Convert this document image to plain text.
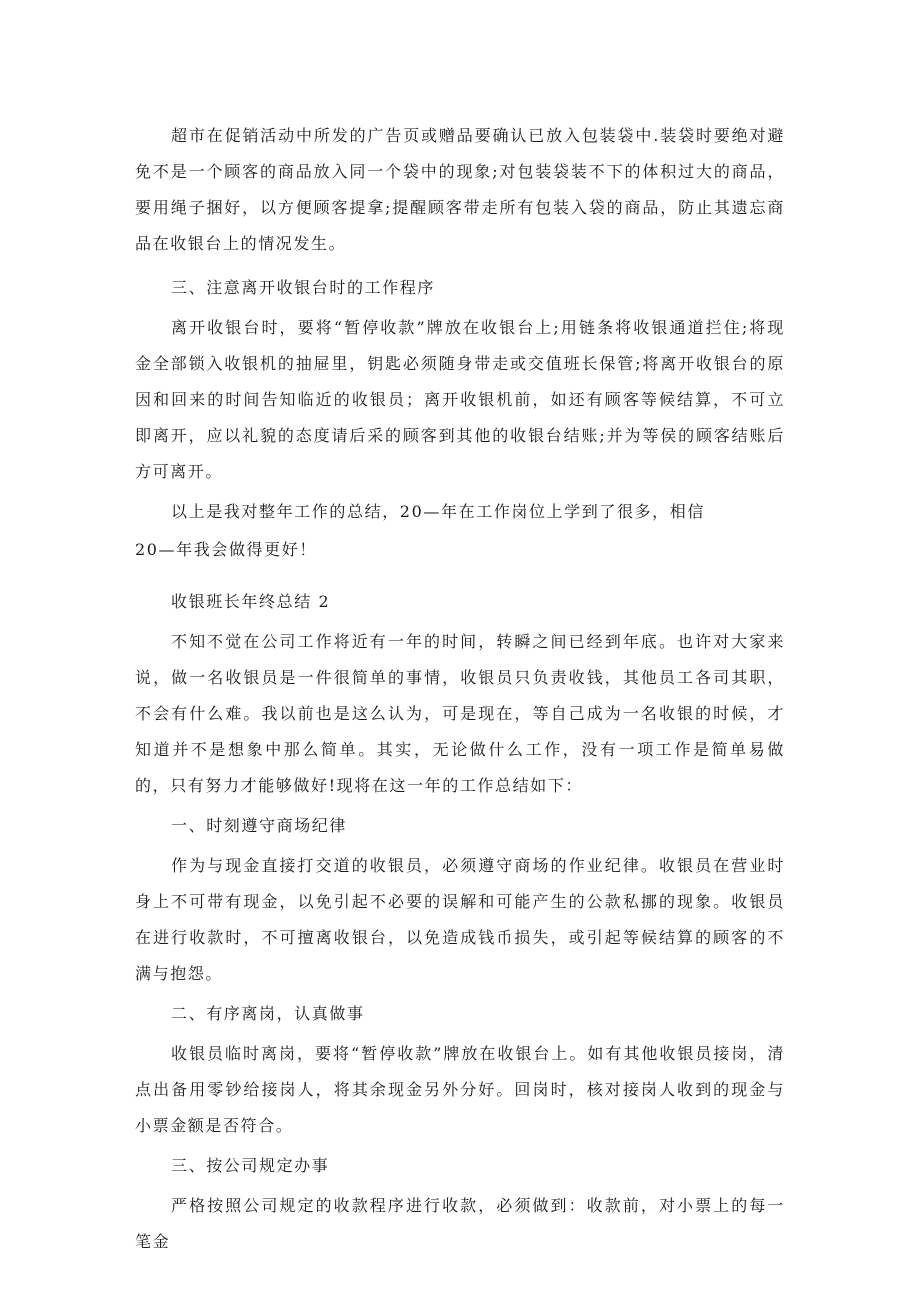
超市在促销活动中所发的广告页或赠品要确认已放入包装袋中.装袋时要绝对避免不是一个顾客的商品放入同一个袋中的现象;对包装袋装不下的体积过大的商品，要用绳子捆好，以方便顾客提拿;提醒顾客带走所有包装入袋的商品，防止其遗忘商品在收银台上的情况发生。

三、注意离开收银台时的工作程序

离开收银台时，要将“暂停收款”牌放在收银台上;用链条将收银通道拦住;将现金全部锁入收银机的抽屉里，钥匙必须随身带走或交值班长保管;将离开收银台的原因和回来的时间告知临近的收银员；离开收银机前，如还有顾客等候结算，不可立即离开，应以礼貌的态度请后采的顾客到其他的收银台结账;并为等侯的顾客结账后方可离开。

以上是我对整年工作的总结，20—年在工作岗位上学到了很多，相信

20—年我会做得更好！

收银班长年终总结 2

不知不觉在公司工作将近有一年的时间，转瞬之间已经到年底。也许对大家来说，做一名收银员是一件很简单的事情，收银员只负责收钱，其他员工各司其职，不会有什么难。我以前也是这么认为，可是现在，等自己成为一名收银的时候，才知道并不是想象中那么简单。其实，无论做什么工作，没有一项工作是简单易做的，只有努力才能够做好!现将在这一年的工作总结如下：

一、时刻遵守商场纪律

作为与现金直接打交道的收银员，必须遵守商场的作业纪律。收银员在营业时身上不可带有现金，以免引起不必要的误解和可能产生的公款私挪的现象。收银员在进行收款时，不可擅离收银台，以免造成钱币损失，或引起等候结算的顾客的不满与抱怨。

二、有序离岗，认真做事

收银员临时离岗，要将“暂停收款”牌放在收银台上。如有其他收银员接岗，清点出备用零钞给接岗人，将其余现金另外分好。回岗时，核对接岗人收到的现金与小票金额是否符合。

三、按公司规定办事

严格按照公司规定的收款程序进行收款，必须做到：收款前，对小票上的每一笔金
